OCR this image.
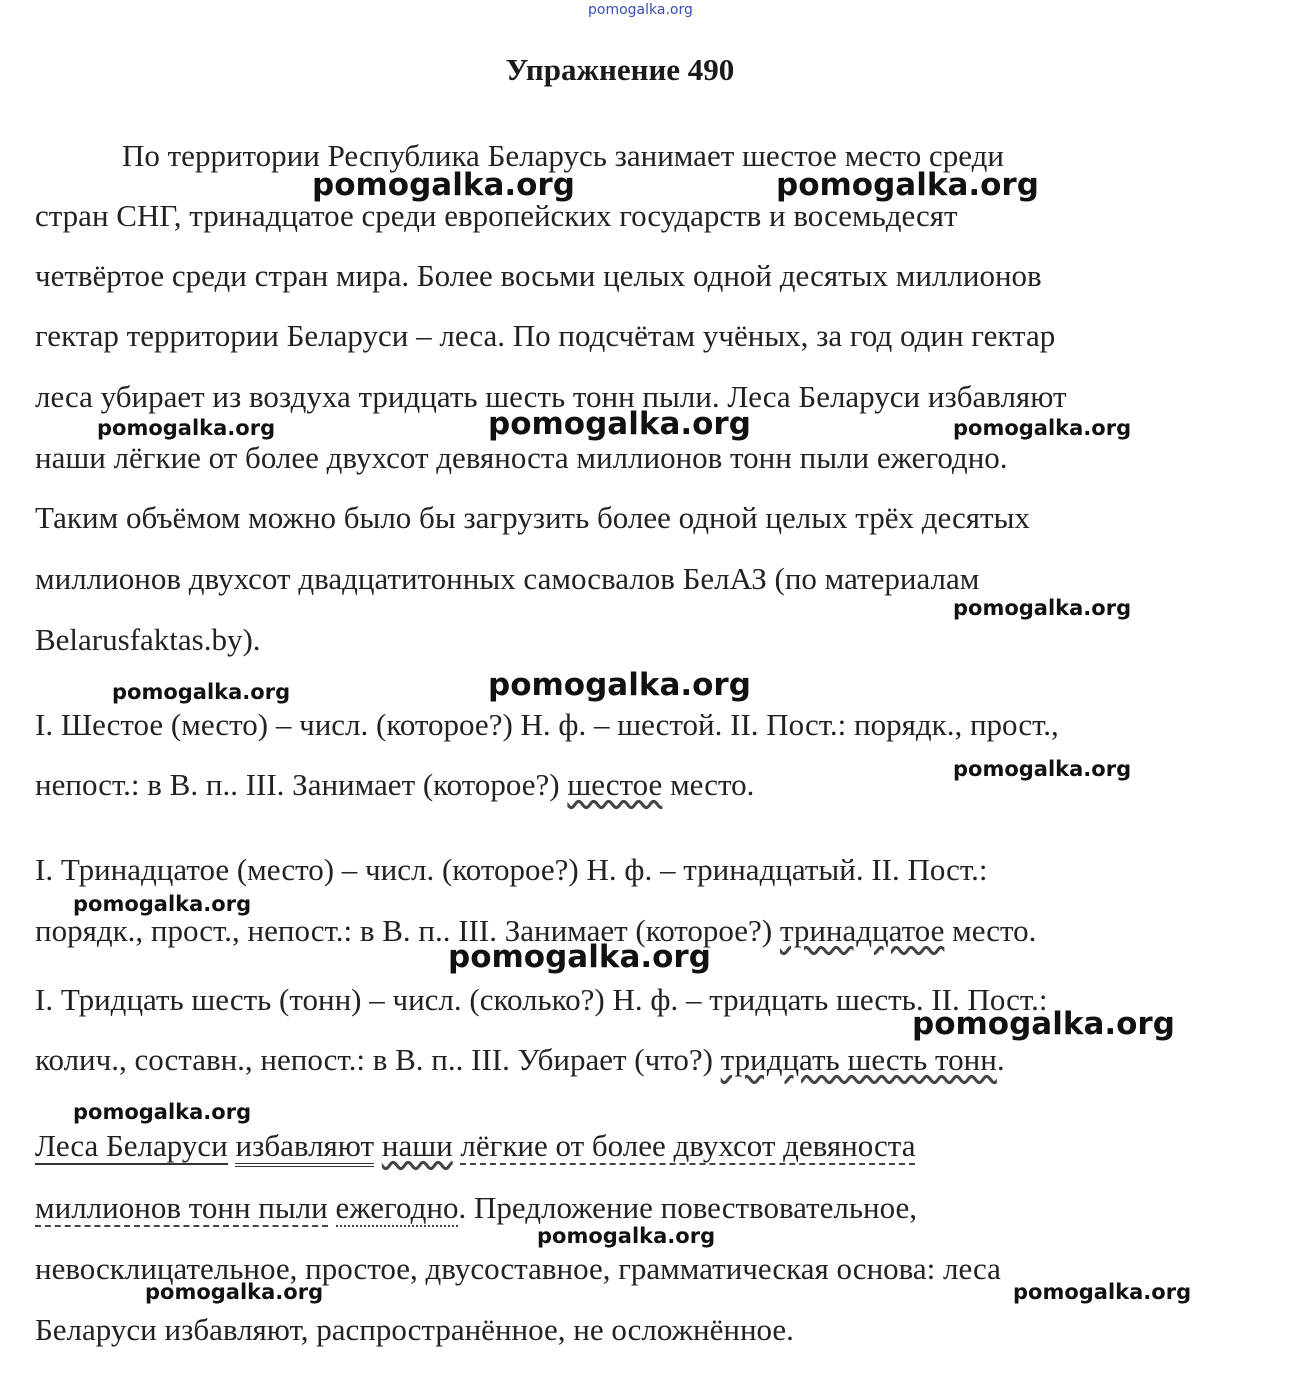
pomogalka.org
Упражнение 490
По территории Республика Беларусь занимает шестое место среди
стран СНГ, тринадцатое среди европейских государств и восемьдесят
четвёртое среди стран мира. Более восьми целых одной десятых миллионов
гектар территории Беларуси – леса. По подсчётам учёных, за год один гектар
леса убирает из воздуха тридцать шесть тонн пыли. Леса Беларуси избавляют
наши лёгкие от более двухсот девяноста миллионов тонн пыли ежегодно.
Таким объёмом можно было бы загрузить более одной целых трёх десятых
миллионов двухсот двадцатитонных самосвалов БелАЗ (по материалам
Belarusfaktas.by).
I. Шестое (место) – числ. (которое?) Н. ф. – шестой. II. Пост.: порядк., прост.,
непост.: в В. п.. III. Занимает (которое?) шестое место.
I. Тринадцатое (место) – числ. (которое?) Н. ф. – тринадцатый. II. Пост.:
порядк., прост., непост.: в В. п.. III. Занимает (которое?) тринадцатое место.
I. Тридцать шесть (тонн) – числ. (сколько?) Н. ф. – тридцать шесть. II. Пост.:
колич., составн., непост.: в В. п.. III. Убирает (что?) тридцать шесть тонн.
Леса Беларуси избавляют наши лёгкие от более двухсот девяноста
миллионов тонн пыли ежегодно. Предложение повествовательное,
невосклицательное, простое, двусоставное, грамматическая основа: леса
Беларуси избавляют, распространённое, не осложнённое.
pomogalka.org	pomogalka.org
pomogalka.org	pomogalka.org	pomogalka.org
pomogalka.org
pomogalka.org	pomogalka.org
pomogalka.org
pomogalka.org
pomogalka.org
pomogalka.org
pomogalka.org
pomogalka.org
pomogalka.org	pomogalka.org
